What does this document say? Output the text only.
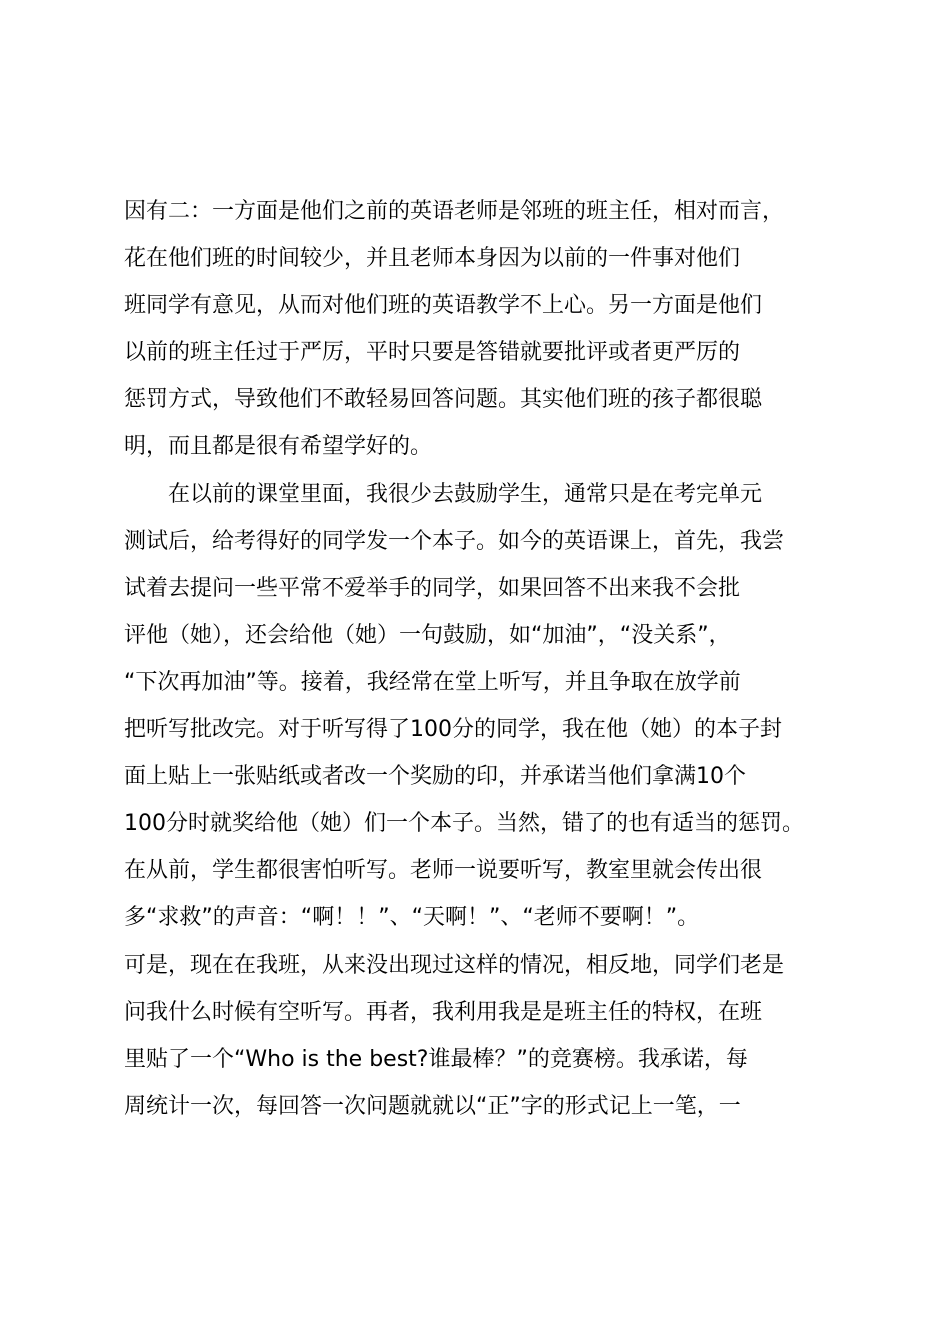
因有二：一方面是他们之前的英语老师是邻班的班主任，相对而言，
花在他们班的时间较少，并且老师本身因为以前的一件事对他们
班同学有意见，从而对他们班的英语教学不上心。另一方面是他们
以前的班主任过于严厉，平时只要是答错就要批评或者更严厉的
惩罚方式，导致他们不敢轻易回答问题。其实他们班的孩子都很聪
明，而且都是很有希望学好的。
　　在以前的课堂里面，我很少去鼓励学生，通常只是在考完单元
测试后，给考得好的同学发一个本子。如今的英语课上，首先，我尝
试着去提问一些平常不爱举手的同学，如果回答不出来我不会批
评他（她），还会给他（她）一句鼓励，如“加油”，“没关系”，
“下次再加油”等。接着，我经常在堂上听写，并且争取在放学前
把听写批改完。对于听写得了100分的同学，我在他（她）的本子封
面上贴上一张贴纸或者改一个奖励的印，并承诺当他们拿满10个
100分时就奖给他（她）们一个本子。当然，错了的也有适当的惩罚。
在从前，学生都很害怕听写。老师一说要听写，教室里就会传出很
多“求救”的声音：“啊！！”、“天啊！”、“老师不要啊！”。
可是，现在在我班，从来没出现过这样的情况，相反地，同学们老是
问我什么时候有空听写。再者，我利用我是是班主任的特权，在班
里贴了一个“Who is the best?谁最棒？”的竞赛榜。我承诺，每
周统计一次，每回答一次问题就就以“正”字的形式记上一笔，一
